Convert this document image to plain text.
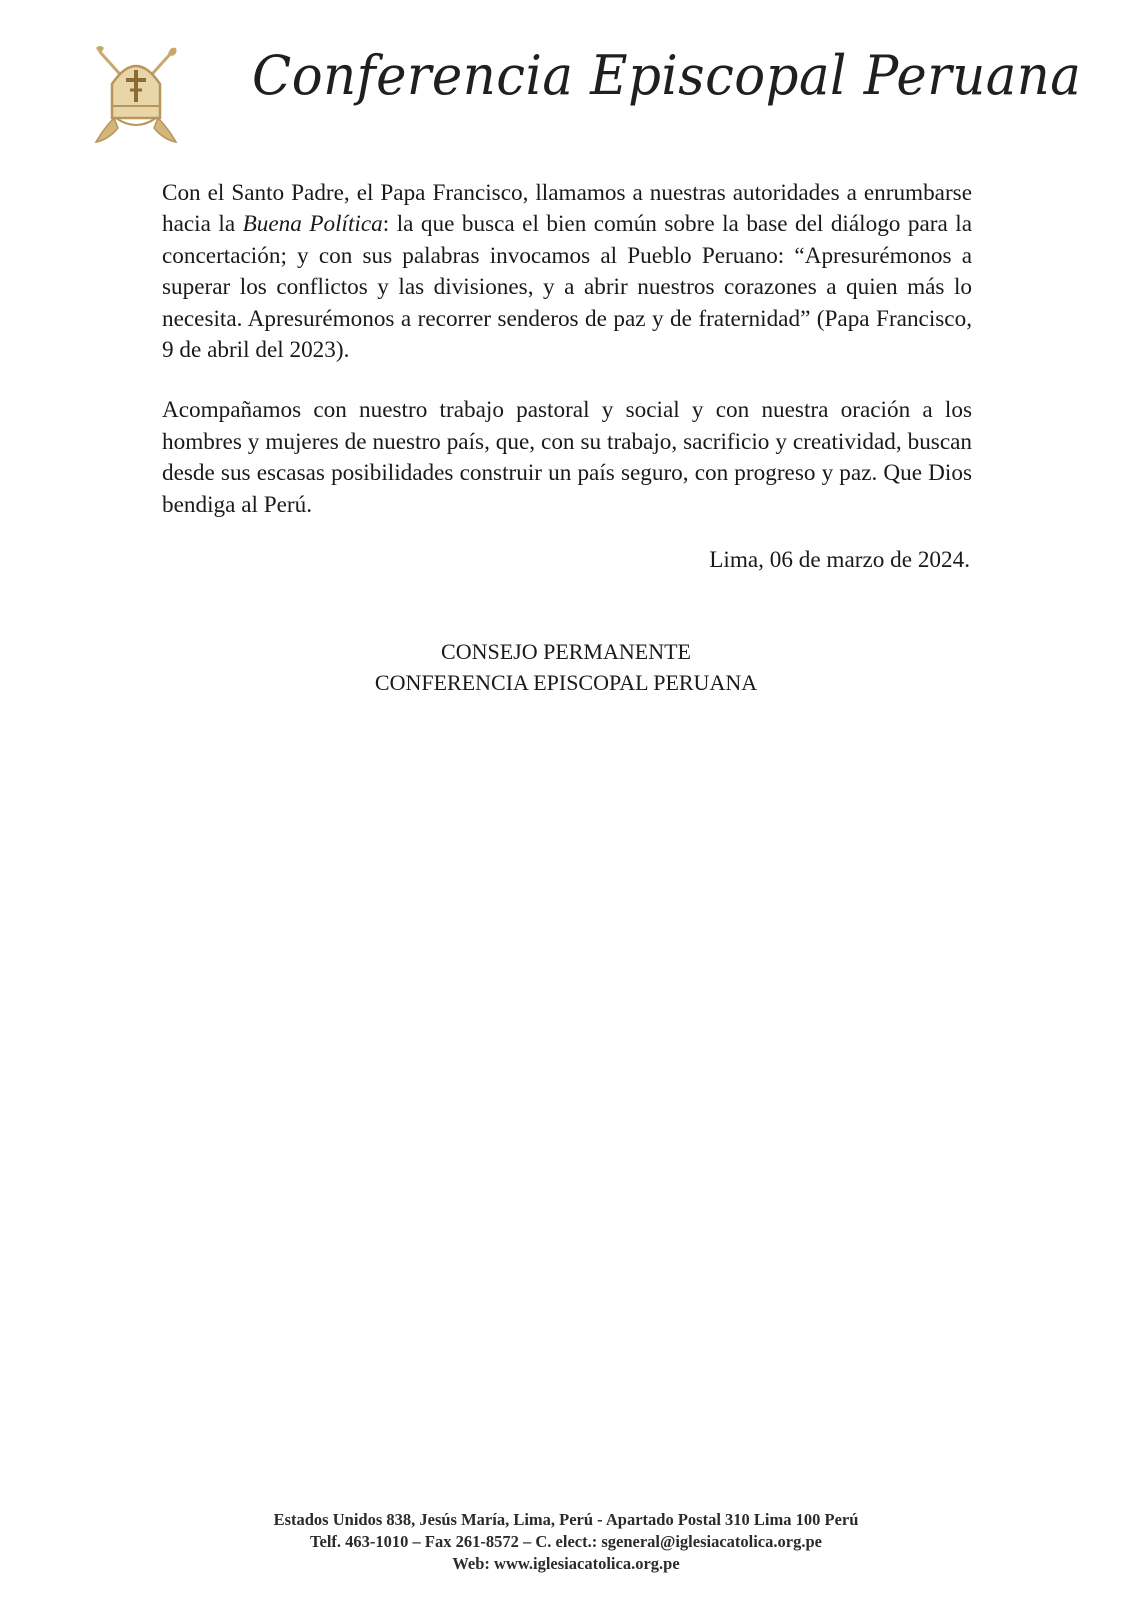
Conferencia Episcopal Peruana

Con el Santo Padre, el Papa Francisco, llamamos a nuestras autoridades a enrumbarse hacia la Buena Política: la que busca el bien común sobre la base del diálogo para la concertación; y con sus palabras invocamos al Pueblo Peruano: “Apresurémonos a superar los conflictos y las divisiones, y a abrir nuestros corazones a quien más lo necesita. Apresurémonos a recorrer senderos de paz y de fraternidad” (Papa Francisco, 9 de abril del 2023).

Acompañamos con nuestro trabajo pastoral y social y con nuestra oración a los hombres y mujeres de nuestro país, que, con su trabajo, sacrificio y creatividad, buscan desde sus escasas posibilidades construir un país seguro, con progreso y paz. Que Dios bendiga al Perú.

Lima, 06 de marzo de 2024.
CONSEJO PERMANENTE
CONFERENCIA EPISCOPAL PERUANA
Estados Unidos 838, Jesús María, Lima, Perú - Apartado Postal 310 Lima 100 Perú
Telf. 463-1010 – Fax 261-8572 – C. elect.: sgeneral@iglesiacatolica.org.pe
Web: www.iglesiacatolica.org.pe
